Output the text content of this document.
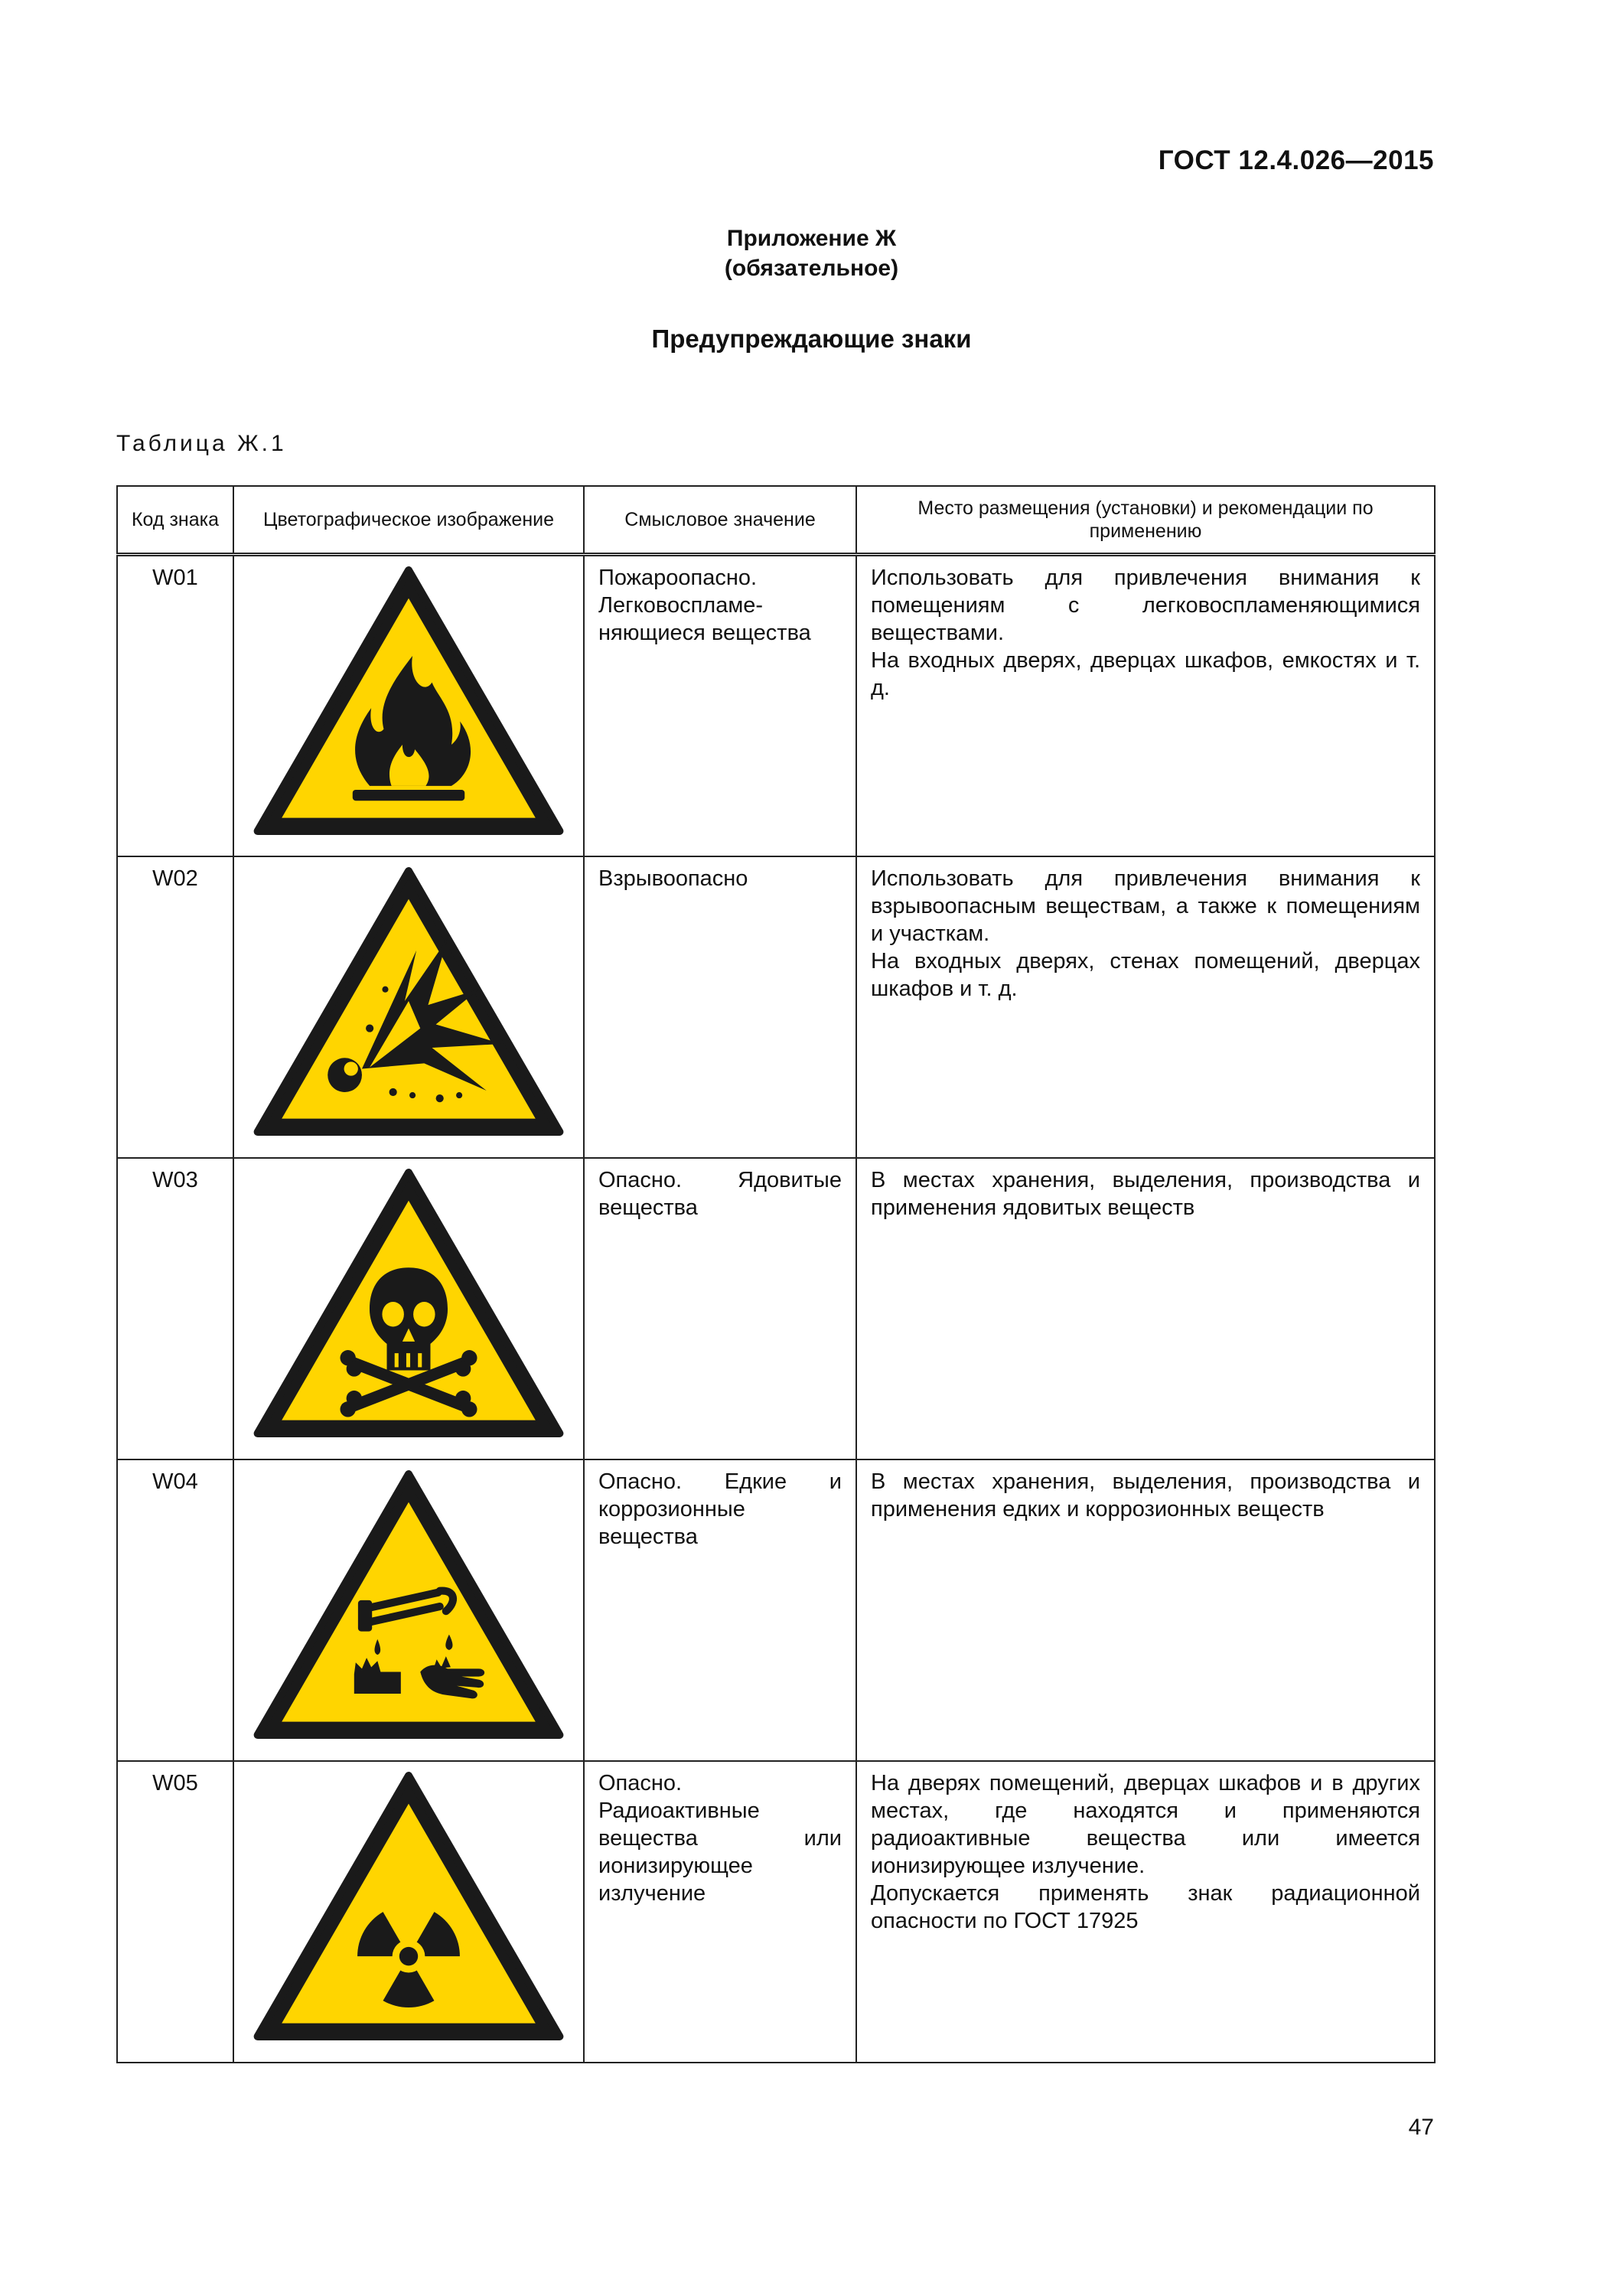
ГОСТ 12.4.026—2015
Приложение Ж
(обязательное)
Предупреждающие знаки
Таблица Ж.1
Код знака	Цветографическое изображение	Смысловое значение	Место размещения (установки) и рекомендации по применению
W01		Пожароопасно. Легковоспламе-няющиеся вещества	Использовать для привлечения внимания к помещениям с легковоспламеняющимися веществами.
На входных дверях, дверцах шкафов, емкостях и т. д.

W02		Взрывоопасно	Использовать для привлечения внимания к взрывоопасным веществам, а также к помещениям и участкам.
На входных дверях, стенах помещений, дверцах шкафов и т. д.

W03		Опасно. Ядовитые вещества	В местах хранения, выделения, производства и применения ядовитых веществ

W04		Опасно. Едкие и коррозионные вещества	В местах хранения, выделения, производства и применения едких и коррозионных веществ

W05		Опасно. Радиоактивные вещества или ионизирующее излучение	На дверях помещений, дверцах шкафов и в других местах, где находятся и применяются радиоактивные вещества или имеется ионизирующее излучение.
Допускается применять знак радиационной опасности по ГОСТ 17925
47
